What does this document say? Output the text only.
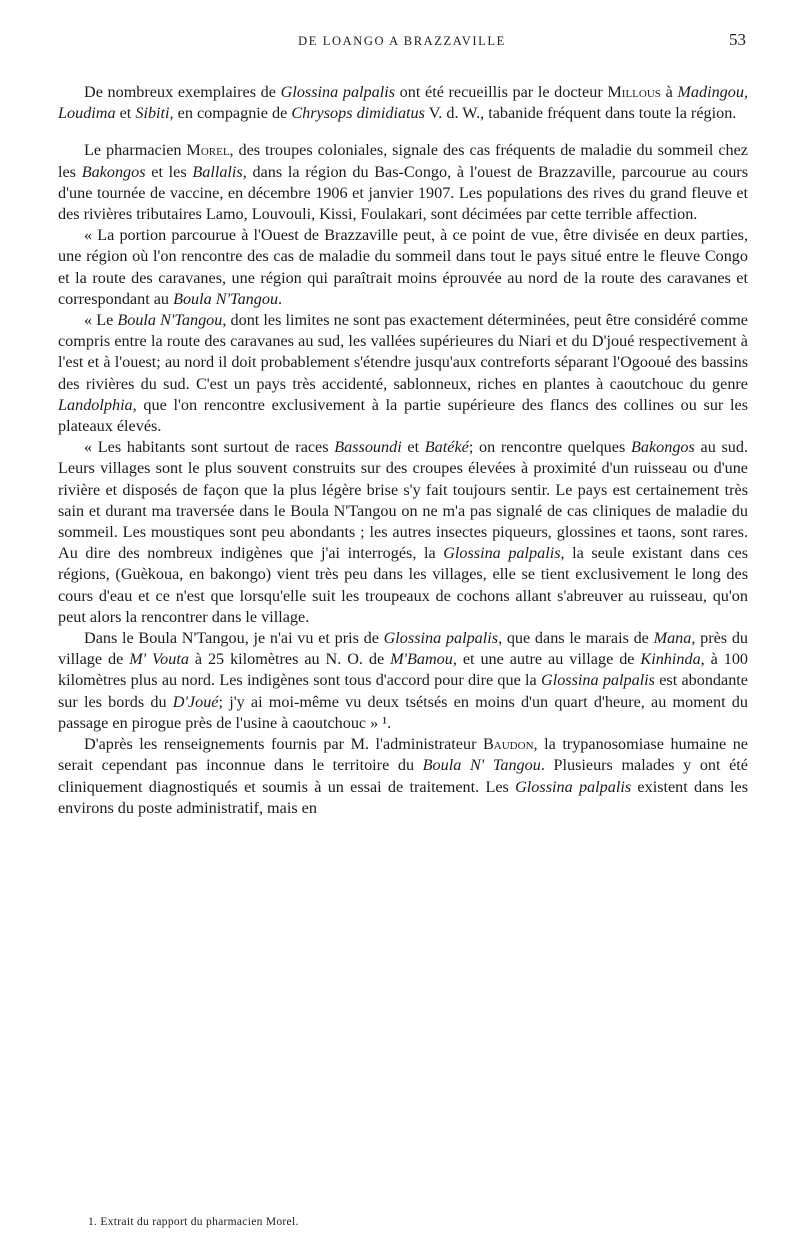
DE LOANGO A BRAZZAVILLE	53

De nombreux exemplaires de Glossina palpalis ont été recueillis par le docteur Millous à Madingou, Loudima et Sibiti, en compagnie de Chrysops dimidiatus V. d. W., tabanide fréquent dans toute la région.

Le pharmacien Morel, des troupes coloniales, signale des cas fréquents de maladie du sommeil chez les Bakongos et les Ballalis, dans la région du Bas-Congo, à l'ouest de Brazzaville, parcourue au cours d'une tournée de vaccine, en décembre 1906 et janvier 1907. Les populations des rives du grand fleuve et des rivières tributaires Lamo, Louvouli, Kissi, Foulakari, sont décimées par cette terrible affection.

« La portion parcourue à l'Ouest de Brazzaville peut, à ce point de vue, être divisée en deux parties, une région où l'on rencontre des cas de maladie du sommeil dans tout le pays situé entre le fleuve Congo et la route des caravanes, une région qui paraîtrait moins éprouvée au nord de la route des caravanes et correspondant au Boula N'Tangou.

« Le Boula N'Tangou, dont les limites ne sont pas exactement déterminées, peut être considéré comme compris entre la route des caravanes au sud, les vallées supérieures du Niari et du D'joué respectivement à l'est et à l'ouest; au nord il doit probablement s'étendre jusqu'aux contreforts séparant l'Ogooué des bassins des rivières du sud. C'est un pays très accidenté, sablonneux, riches en plantes à caoutchouc du genre Landolphia, que l'on rencontre exclusivement à la partie supérieure des flancs des collines ou sur les plateaux élevés.

« Les habitants sont surtout de races Bassoundi et Batéké; on rencontre quelques Bakongos au sud. Leurs villages sont le plus souvent construits sur des croupes élevées à proximité d'un ruisseau ou d'une rivière et disposés de façon que la plus légère brise s'y fait toujours sentir. Le pays est certainement très sain et durant ma traversée dans le Boula N'Tangou on ne m'a pas signalé de cas cliniques de maladie du sommeil. Les moustiques sont peu abondants ; les autres insectes piqueurs, glossines et taons, sont rares. Au dire des nombreux indigènes que j'ai interrogés, la Glossina palpalis, la seule existant dans ces régions, (Guèkoua, en bakongo) vient très peu dans les villages, elle se tient exclusivement le long des cours d'eau et ce n'est que lorsqu'elle suit les troupeaux de cochons allant s'abreuver au ruisseau, qu'on peut alors la rencontrer dans le village.

Dans le Boula N'Tangou, je n'ai vu et pris de Glossina palpalis, que dans le marais de Mana, près du village de M' Vouta à 25 kilomètres au N. O. de M'Bamou, et une autre au village de Kinhinda, à 100 kilomètres plus au nord. Les indigènes sont tous d'accord pour dire que la Glossina palpalis est abondante sur les bords du D'Joué; j'y ai moi-même vu deux tsétsés en moins d'un quart d'heure, au moment du passage en pirogue près de l'usine à caoutchouc » ¹.

D'après les renseignements fournis par M. l'administrateur Baudon, la trypanosomiase humaine ne serait cependant pas inconnue dans le territoire du Boula N' Tangou. Plusieurs malades y ont été cliniquement diagnostiqués et soumis à un essai de traitement. Les Glossina palpalis existent dans les environs du poste administratif, mais en

1. Extrait du rapport du pharmacien Morel.
